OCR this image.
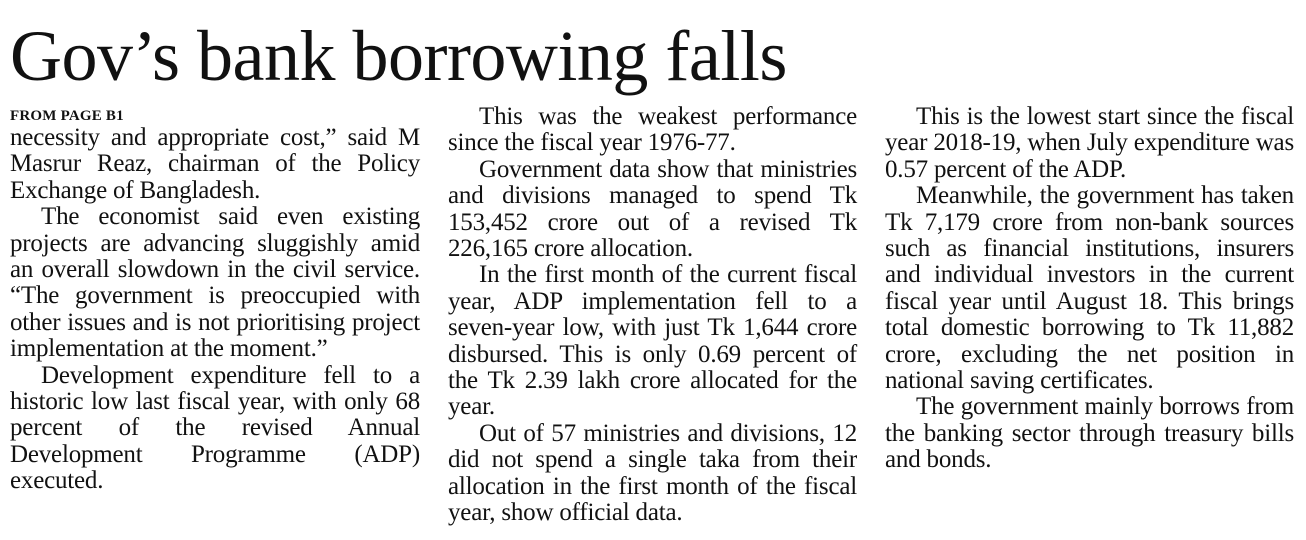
Gov’s bank borrowing falls
FROM PAGE B1

necessity and appropriate cost,” said M Masrur Reaz, chairman of the Policy Exchange of Bangladesh.

The economist said even existing projects are advancing sluggishly amid an overall slowdown in the civil service. “The government is preoccupied with other issues and is not prioritising project implementation at the moment.”

Development expenditure fell to a historic low last fiscal year, with only 68 percent of the revised Annual Development Programme (ADP) executed.

This was the weakest performance since the fiscal year 1976-77.

Government data show that ministries and divisions managed to spend Tk 153,452 crore out of a revised Tk 226,165 crore allocation.

In the first month of the current fiscal year, ADP implementation fell to a seven-year low, with just Tk 1,644 crore disbursed. This is only 0.69 percent of the Tk 2.39 lakh crore allocated for the year.

Out of 57 ministries and divisions, 12 did not spend a single taka from their allocation in the first month of the fiscal year, show official data.

This is the lowest start since the fiscal year 2018-19, when July expenditure was 0.57 percent of the ADP.

Meanwhile, the government has taken Tk 7,179 crore from non-bank sources such as financial institutions, insurers and individual investors in the current fiscal year until August 18. This brings total domestic borrowing to Tk 11,882 crore, excluding the net position in national saving certificates.

The government mainly borrows from the banking sector through treasury bills and bonds.
